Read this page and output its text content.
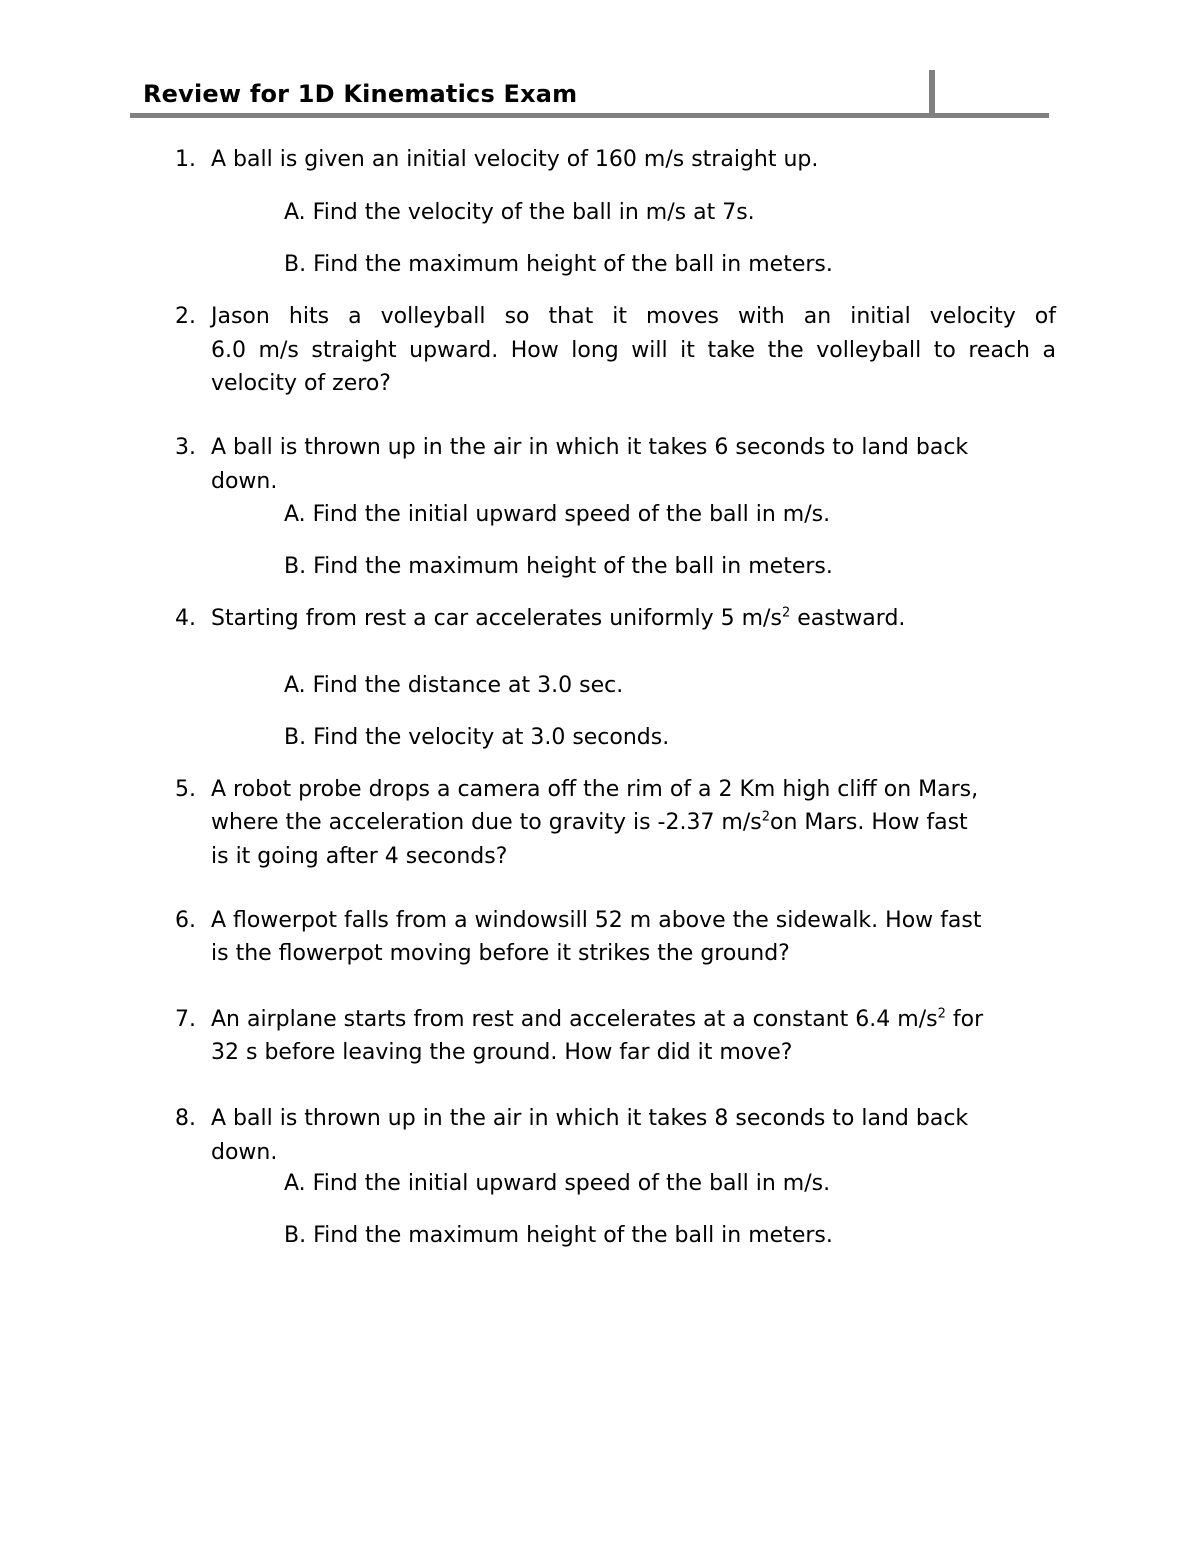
Review for 1D Kinematics Exam
1. A ball is given an initial velocity of 160 m/s straight up.
A. Find the velocity of the ball in m/s at 7s.
B. Find the maximum height of the ball in meters.
2. Jason hits a volleyball so that it moves with an initial velocity of
6.0 m/s straight upward. How long will it take the volleyball to reach a
velocity of zero?
3. A ball is thrown up in the air in which it takes 6 seconds to land back
down.
A. Find the initial upward speed of the ball in m/s.
B. Find the maximum height of the ball in meters.
4. Starting from rest a car accelerates uniformly 5 $m/s^2$ eastward.
A. Find the distance at 3.0 sec.
B. Find the velocity at 3.0 seconds.
5. A robot probe drops a camera off the rim of a 2 Km high cliff on Mars,
where the acceleration due to gravity is -2.37 $m/s^2on$ Mars. How fast
is it going after 4 seconds?
6. A flowerpot falls from a windowsill 52 m above the sidewalk. How fast
is the flowerpot moving before it strikes the ground?
7. An airplane starts from rest and accelerates at a constant 6.4 $m/s^2$ for
32 s before leaving the ground. How far did it move?
8. A ball is thrown up in the air in which it takes 8 seconds to land back
down.
A. Find the initial upward speed of the ball in m/s.
B. Find the maximum height of the ball in meters.
